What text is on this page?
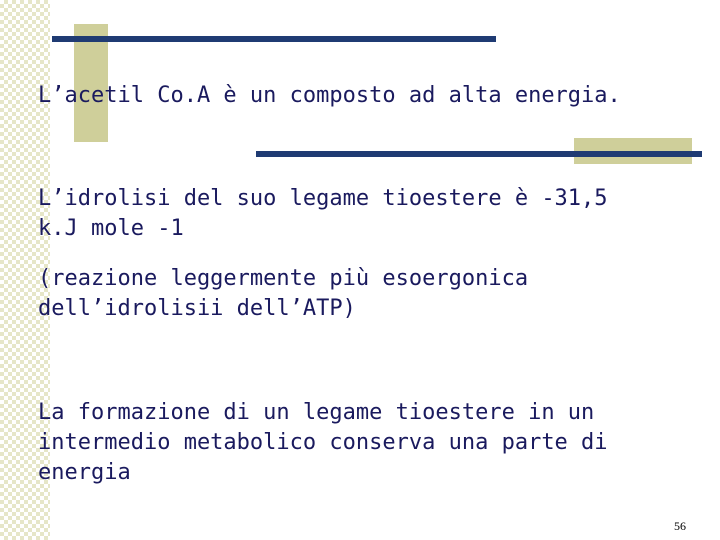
L’acetil Co.A è un composto ad alta energia.
L’idrolisi del suo legame tioestere è -31,5
k.J mole -1
(reazione leggermente più esoergonica
dell’idrolisii dell’ATP)
La formazione di un legame tioestere in un
intermedio metabolico conserva una parte di
energia
56
